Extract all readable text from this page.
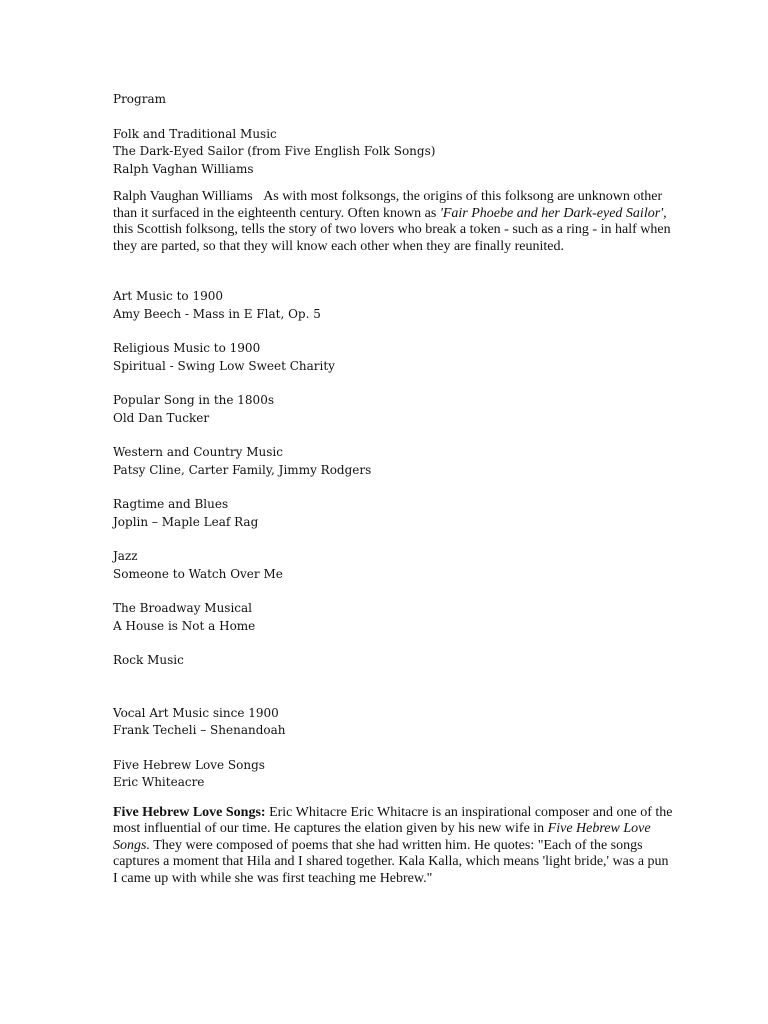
Program
Folk and Traditional Music
The Dark-Eyed Sailor (from Five English Folk Songs)
Ralph Vaghan Williams

Ralph Vaughan Williams As with most folksongs, the origins of this folksong are unknown other than it surfaced in the eighteenth century. Often known as 'Fair Phoebe and her Dark-eyed Sailor', this Scottish folksong, tells the story of two lovers who break a token - such as a ring - in half when they are parted, so that they will know each other when they are finally reunited.

Art Music to 1900
Amy Beech - Mass in E Flat, Op. 5
Religious Music to 1900
Spiritual - Swing Low Sweet Charity
Popular Song in the 1800s
Old Dan Tucker
Western and Country Music
Patsy Cline, Carter Family, Jimmy Rodgers
Ragtime and Blues
Joplin – Maple Leaf Rag
Jazz
Someone to Watch Over Me
The Broadway Musical
A House is Not a Home
Rock Music
Vocal Art Music since 1900
Frank Techeli – Shenandoah
Five Hebrew Love Songs
Eric Whiteacre

Five Hebrew Love Songs: Eric Whitacre Eric Whitacre is an inspirational composer and one of the most influential of our time. He captures the elation given by his new wife in Five Hebrew Love Songs. They were composed of poems that she had written him. He quotes: "Each of the songs captures a moment that Hila and I shared together. Kala Kalla, which means 'light bride,' was a pun I came up with while she was first teaching me Hebrew."
